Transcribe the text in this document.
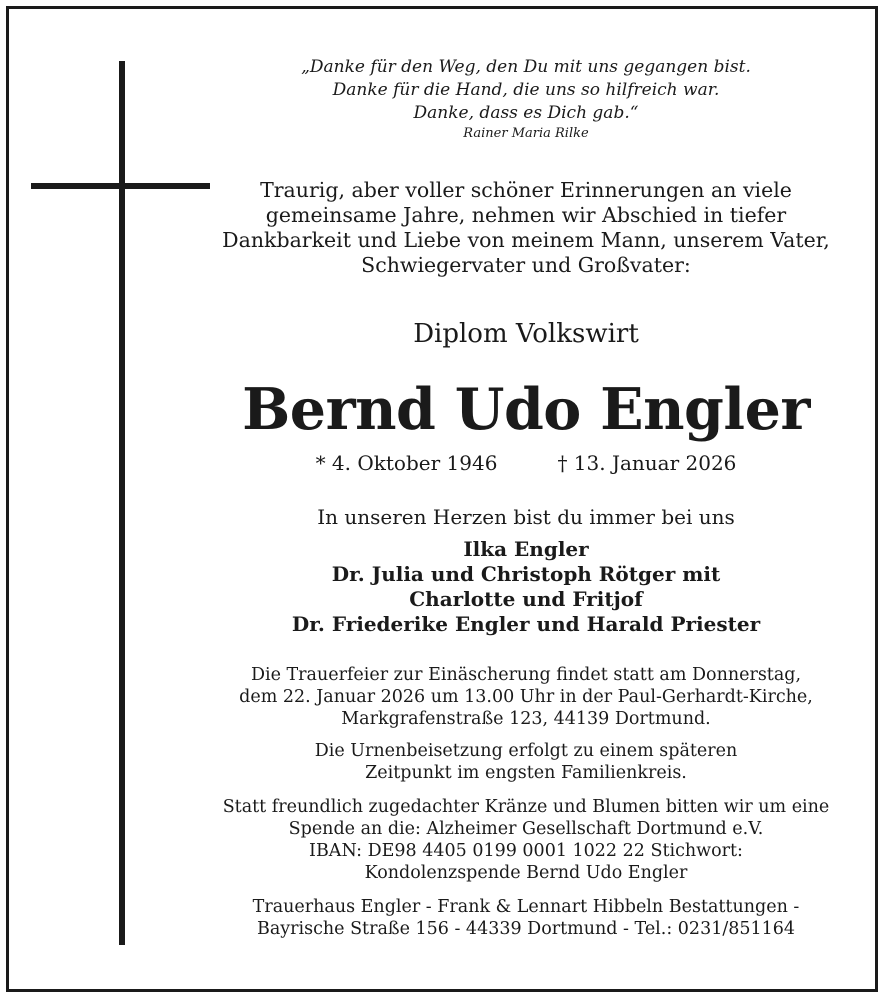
„Danke für den Weg, den Du mit uns gegangen bist.
Danke für die Hand, die uns so hilfreich war.
Danke, dass es Dich gab.“
Rainer Maria Rilke
Traurig, aber voller schöner Erinnerungen an viele
gemeinsame Jahre, nehmen wir Abschied in tiefer
Dankbarkeit und Liebe von meinem Mann, unserem Vater,
Schwiegervater und Großvater:
Diplom Volkswirt
Bernd Udo Engler
* 4. Oktober 1946	† 13. Januar 2026
In unseren Herzen bist du immer bei uns
Ilka Engler
Dr. Julia und Christoph Rötger mit
Charlotte und Fritjof
Dr. Friederike Engler und Harald Priester
Die Trauerfeier zur Einäscherung findet statt am Donnerstag,
dem 22. Januar 2026 um 13.00 Uhr in der Paul-Gerhardt-Kirche,
Markgrafenstraße 123, 44139 Dortmund.
Die Urnenbeisetzung erfolgt zu einem späteren
Zeitpunkt im engsten Familienkreis.
Statt freundlich zugedachter Kränze und Blumen bitten wir um eine
Spende an die: Alzheimer Gesellschaft Dortmund e.V.
IBAN: DE98 4405 0199 0001 1022 22 Stichwort:
Kondolenzspende Bernd Udo Engler
Trauerhaus Engler - Frank & Lennart Hibbeln Bestattungen -
Bayrische Straße 156 - 44339 Dortmund - Tel.: 0231/851164
